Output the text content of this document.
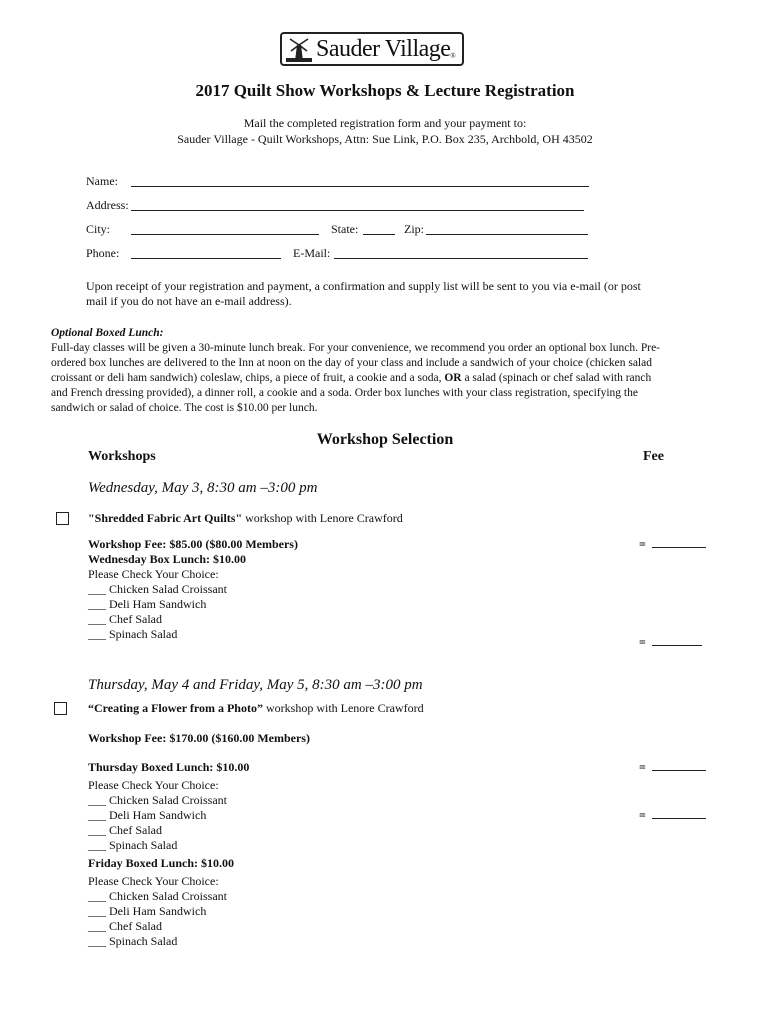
Sauder Village ®
2017 Quilt Show Workshops & Lecture Registration
Mail the completed registration form and your payment to:
Sauder Village - Quilt Workshops, Attn: Sue Link, P.O. Box 235, Archbold, OH 43502
Name:
Address:
City:	State:	Zip:
Phone:	E-Mail:
Upon receipt of your registration and payment, a confirmation and supply list will be sent to you via e-mail (or post
mail if you do not have an e-mail address).
Optional Boxed Lunch:
Full-day classes will be given a 30-minute lunch break. For your convenience, we recommend you order an optional box lunch. Pre-
ordered box lunches are delivered to the Inn at noon on the day of your class and include a sandwich of your choice (chicken salad
croissant or deli ham sandwich) coleslaw, chips, a piece of fruit, a cookie and a soda, OR a salad (spinach or chef salad with ranch
and French dressing provided), a dinner roll, a cookie and a soda. Order box lunches with your class registration, specifying the
sandwich or salad of choice. The cost is $10.00 per lunch.
Workshop Selection
Workshops	Fee
Wednesday, May 3, 8:30 am –3:00 pm
"Shredded Fabric Art Quilts" workshop with Lenore Crawford
Workshop Fee: $85.00 ($80.00 Members)	=
Wednesday Box Lunch: $10.00
Please Check Your Choice:
___ Chicken Salad Croissant
___ Deli Ham Sandwich
___ Chef Salad
___ Spinach Salad
=
Thursday, May 4 and Friday, May 5, 8:30 am –3:00 pm
“Creating a Flower from a Photo” workshop with Lenore Crawford
Workshop Fee: $170.00 ($160.00 Members)
Thursday Boxed Lunch: $10.00	=
Please Check Your Choice:
___ Chicken Salad Croissant
___ Deli Ham Sandwich	=
___ Chef Salad
___ Spinach Salad
Friday Boxed Lunch: $10.00
Please Check Your Choice:
___ Chicken Salad Croissant
___ Deli Ham Sandwich
___ Chef Salad
___ Spinach Salad
